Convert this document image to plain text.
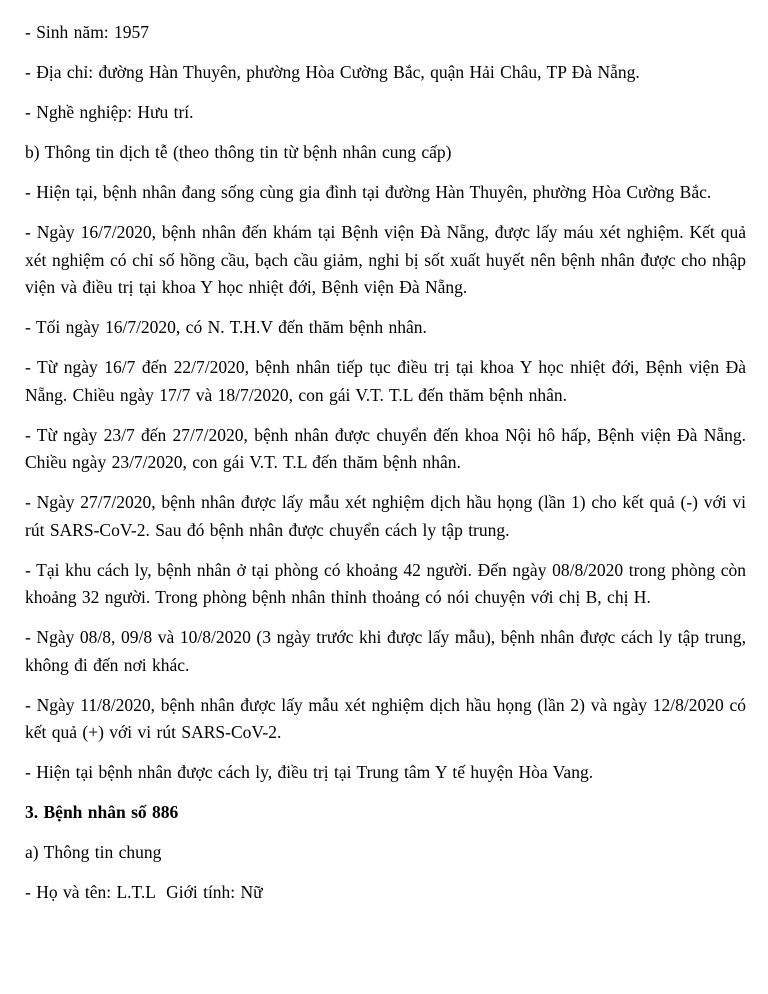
- Sinh năm: 1957

- Địa chỉ: đường Hàn Thuyên, phường Hòa Cường Bắc, quận Hải Châu, TP Đà Nẵng.

- Nghề nghiệp: Hưu trí.

b) Thông tin dịch tễ (theo thông tin từ bệnh nhân cung cấp)

- Hiện tại, bệnh nhân đang sống cùng gia đình tại đường Hàn Thuyên, phường Hòa Cường Bắc.

- Ngày 16/7/2020, bệnh nhân đến khám tại Bệnh viện Đà Nẵng, được lấy máu xét nghiệm. Kết quả xét nghiệm có chỉ số hồng cầu, bạch cầu giảm, nghi bị sốt xuất huyết nên bệnh nhân được cho nhập viện và điều trị tại khoa Y học nhiệt đới, Bệnh viện Đà Nẵng.

- Tối ngày 16/7/2020, có N. T.H.V đến thăm bệnh nhân.

- Từ ngày 16/7 đến 22/7/2020, bệnh nhân tiếp tục điều trị tại khoa Y học nhiệt đới, Bệnh viện Đà Nẵng. Chiều ngày 17/7 và 18/7/2020, con gái V.T. T.L đến thăm bệnh nhân.

- Từ ngày 23/7 đến 27/7/2020, bệnh nhân được chuyển đến khoa Nội hô hấp, Bệnh viện Đà Nẵng. Chiều ngày 23/7/2020, con gái V.T. T.L đến thăm bệnh nhân.

- Ngày 27/7/2020, bệnh nhân được lấy mẫu xét nghiệm dịch hầu họng (lần 1) cho kết quả (-) với vi rút SARS-CoV-2. Sau đó bệnh nhân được chuyển cách ly tập trung.

- Tại khu cách ly, bệnh nhân ở tại phòng có khoảng 42 người. Đến ngày 08/8/2020 trong phòng còn khoảng 32 người. Trong phòng bệnh nhân thỉnh thoảng có nói chuyện với chị B, chị H.

- Ngày 08/8, 09/8 và 10/8/2020 (3 ngày trước khi được lấy mẫu), bệnh nhân được cách ly tập trung, không đi đến nơi khác.

- Ngày 11/8/2020, bệnh nhân được lấy mẫu xét nghiệm dịch hầu họng (lần 2) và ngày 12/8/2020 có kết quả (+) với vi rút SARS-CoV-2.

- Hiện tại bệnh nhân được cách ly, điều trị tại Trung tâm Y tế huyện Hòa Vang.

3. Bệnh nhân số 886

a) Thông tin chung

- Họ và tên: L.T.L  Giới tính: Nữ
